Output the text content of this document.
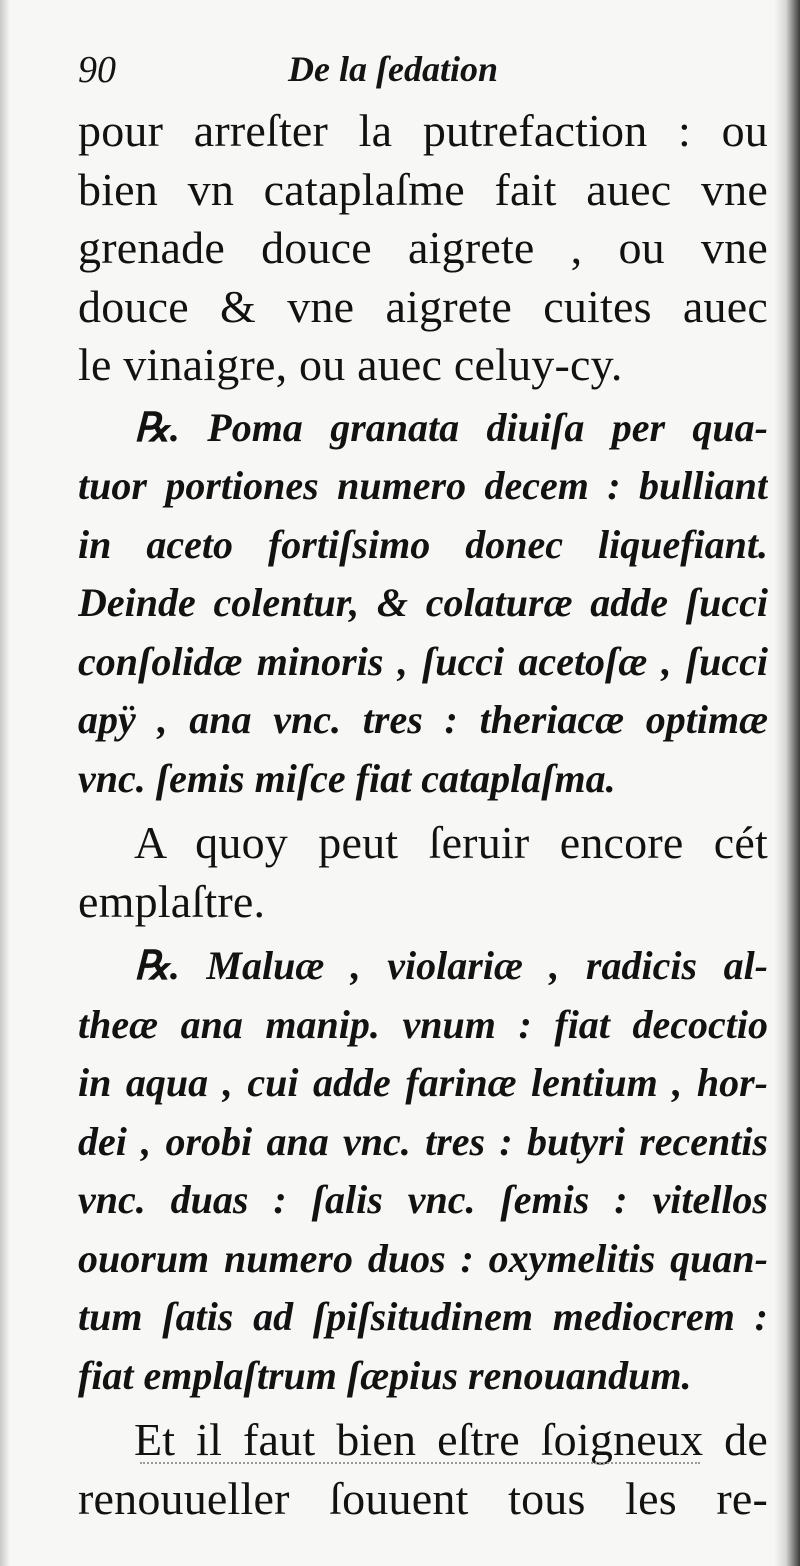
90	De la ſedation
pour arreſter la putrefaction : ou
bien vn cataplaſme fait auec vne
grenade douce aigrete , ou vne
douce & vne aigrete cuites auec
le vinaigre, ou auec celuy-cy.
℞. Poma granata diuiſa per qua-
tuor portiones numero decem : bulliant
in aceto fortiſsimo donec liquefiant.
Deinde colentur, & colaturæ adde ſucci
conſolidæ minoris , ſucci acetoſæ , ſucci
apÿ , ana vnc. tres : theriacæ optimæ
vnc. ſemis miſce fiat cataplaſma.
A quoy peut ſeruir encore cét
emplaſtre.
℞. Maluæ , violariæ , radicis al-
theæ ana manip. vnum : fiat decoctio
in aqua , cui adde farinæ lentium , hor-
dei , orobi ana vnc. tres : butyri recentis
vnc. duas : ſalis vnc. ſemis : vitellos
ouorum numero duos : oxymelitis quan-
tum ſatis ad ſpiſsitudinem mediocrem :
fiat emplaſtrum ſæpius renouandum.
Et il faut bien eſtre ſoigneux de
renouueller ſouuent tous les re-
